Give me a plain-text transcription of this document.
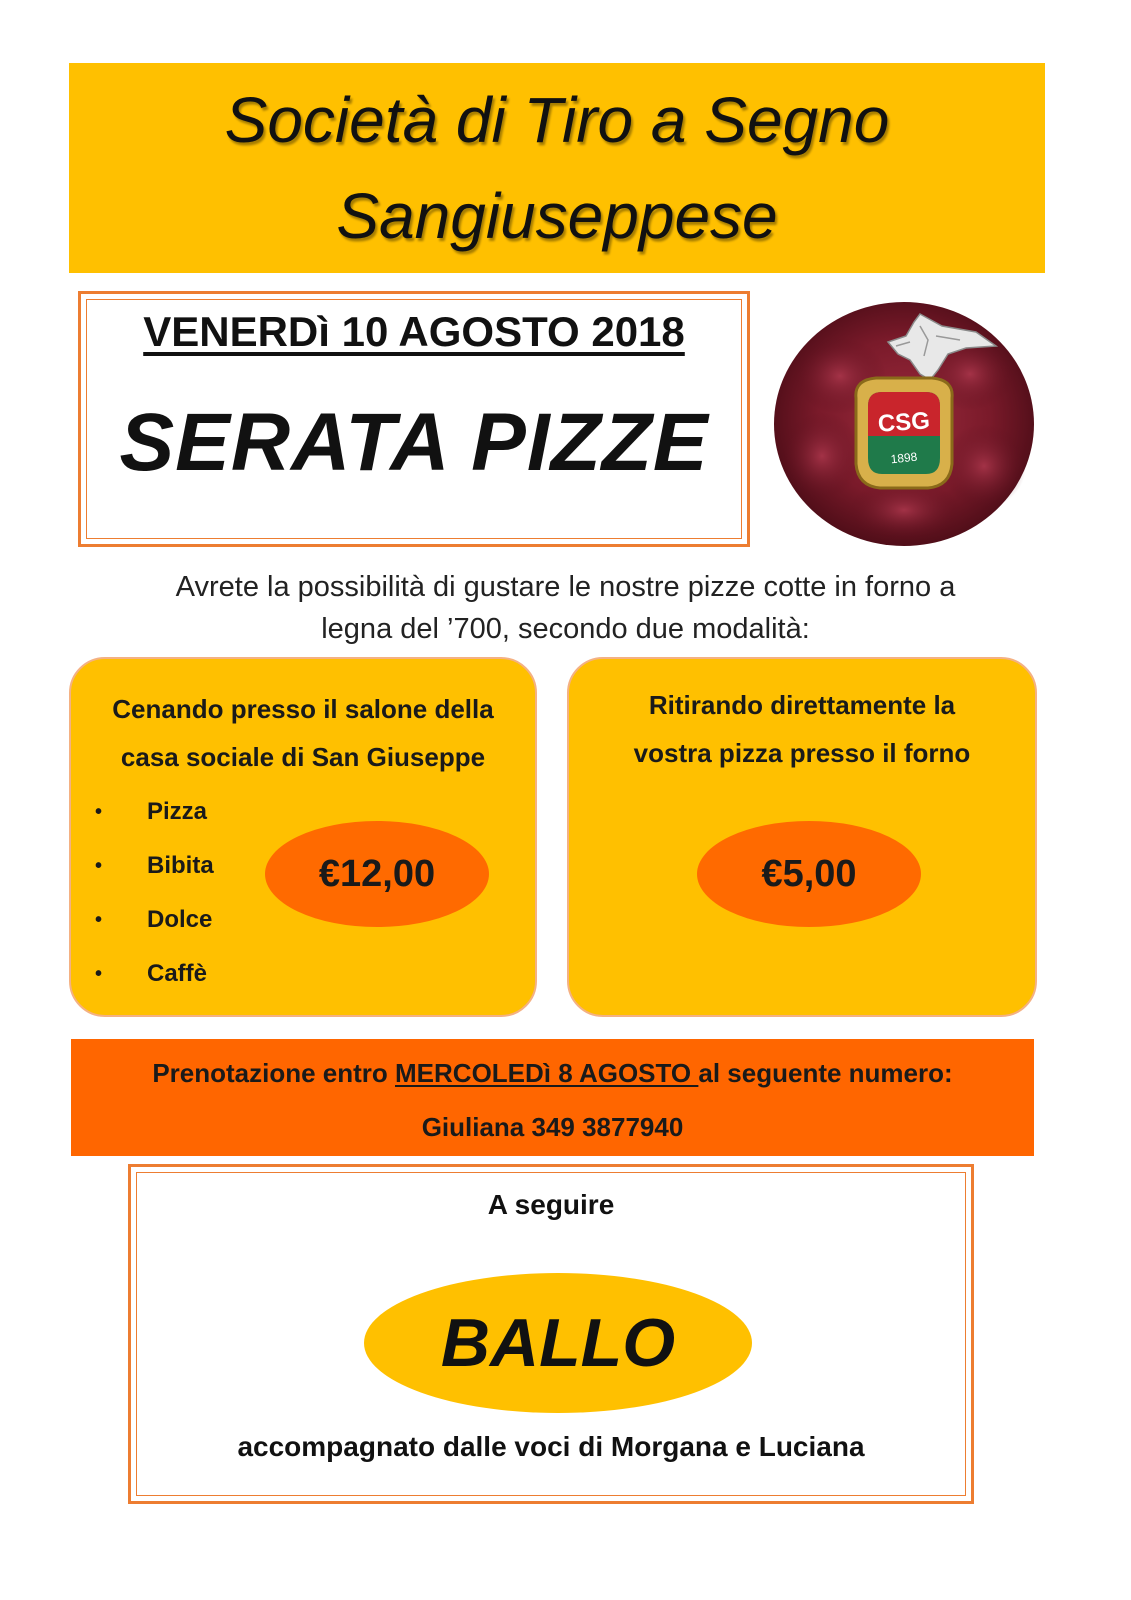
Società di Tiro a Segno
Sangiuseppese
VENERDì 10 AGOSTO 2018
SERATA PIZZE	CSG
1898
Avrete la possibilità di gustare le nostre pizze cotte in forno a
legna del ’700, secondo due modalità:
Cenando presso il salone della
casa sociale di San Giuseppe
• Pizza
• Bibita
• Dolce
• Caffè
€12,00
Ritirando direttamente la
vostra pizza presso il forno
€5,00
Prenotazione entro MERCOLEDì 8 AGOSTO al seguente numero:
Giuliana 349 3877940
A seguire
BALLO
accompagnato dalle voci di Morgana e Luciana
